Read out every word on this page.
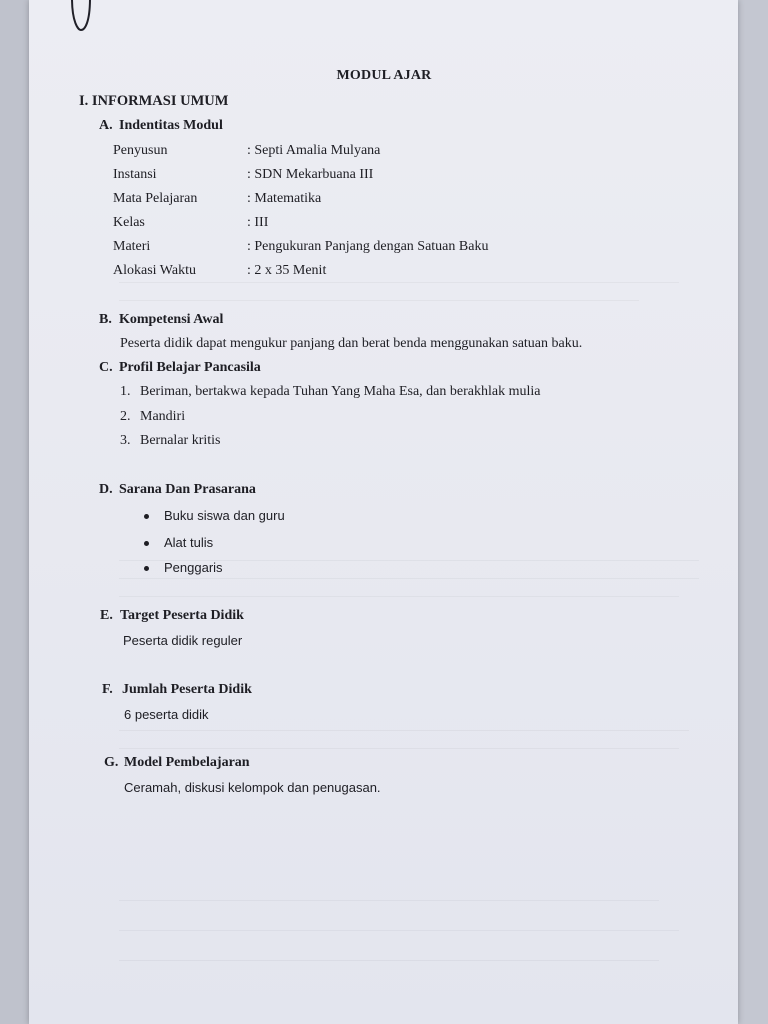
MODUL AJAR
I. INFORMASI UMUM
A. Indentitas Modul
Penyusun	: Septi Amalia Mulyana
Instansi	: SDN Mekarbuana III
Mata Pelajaran	: Matematika
Kelas	: III
Materi	: Pengukuran Panjang dengan Satuan Baku
Alokasi Waktu	: 2 x 35 Menit
B. Kompetensi Awal
Peserta didik dapat mengukur panjang dan berat benda menggunakan satuan baku.
C. Profil Belajar Pancasila
1. Beriman, bertakwa kepada Tuhan Yang Maha Esa, dan berakhlak mulia
2. Mandiri
3. Bernalar kritis
D. Sarana Dan Prasarana
Buku siswa dan guru
Alat tulis
Penggaris
E. Target Peserta Didik
Peserta didik reguler
F. Jumlah Peserta Didik
6 peserta didik
G. Model Pembelajaran
Ceramah, diskusi kelompok dan penugasan.
